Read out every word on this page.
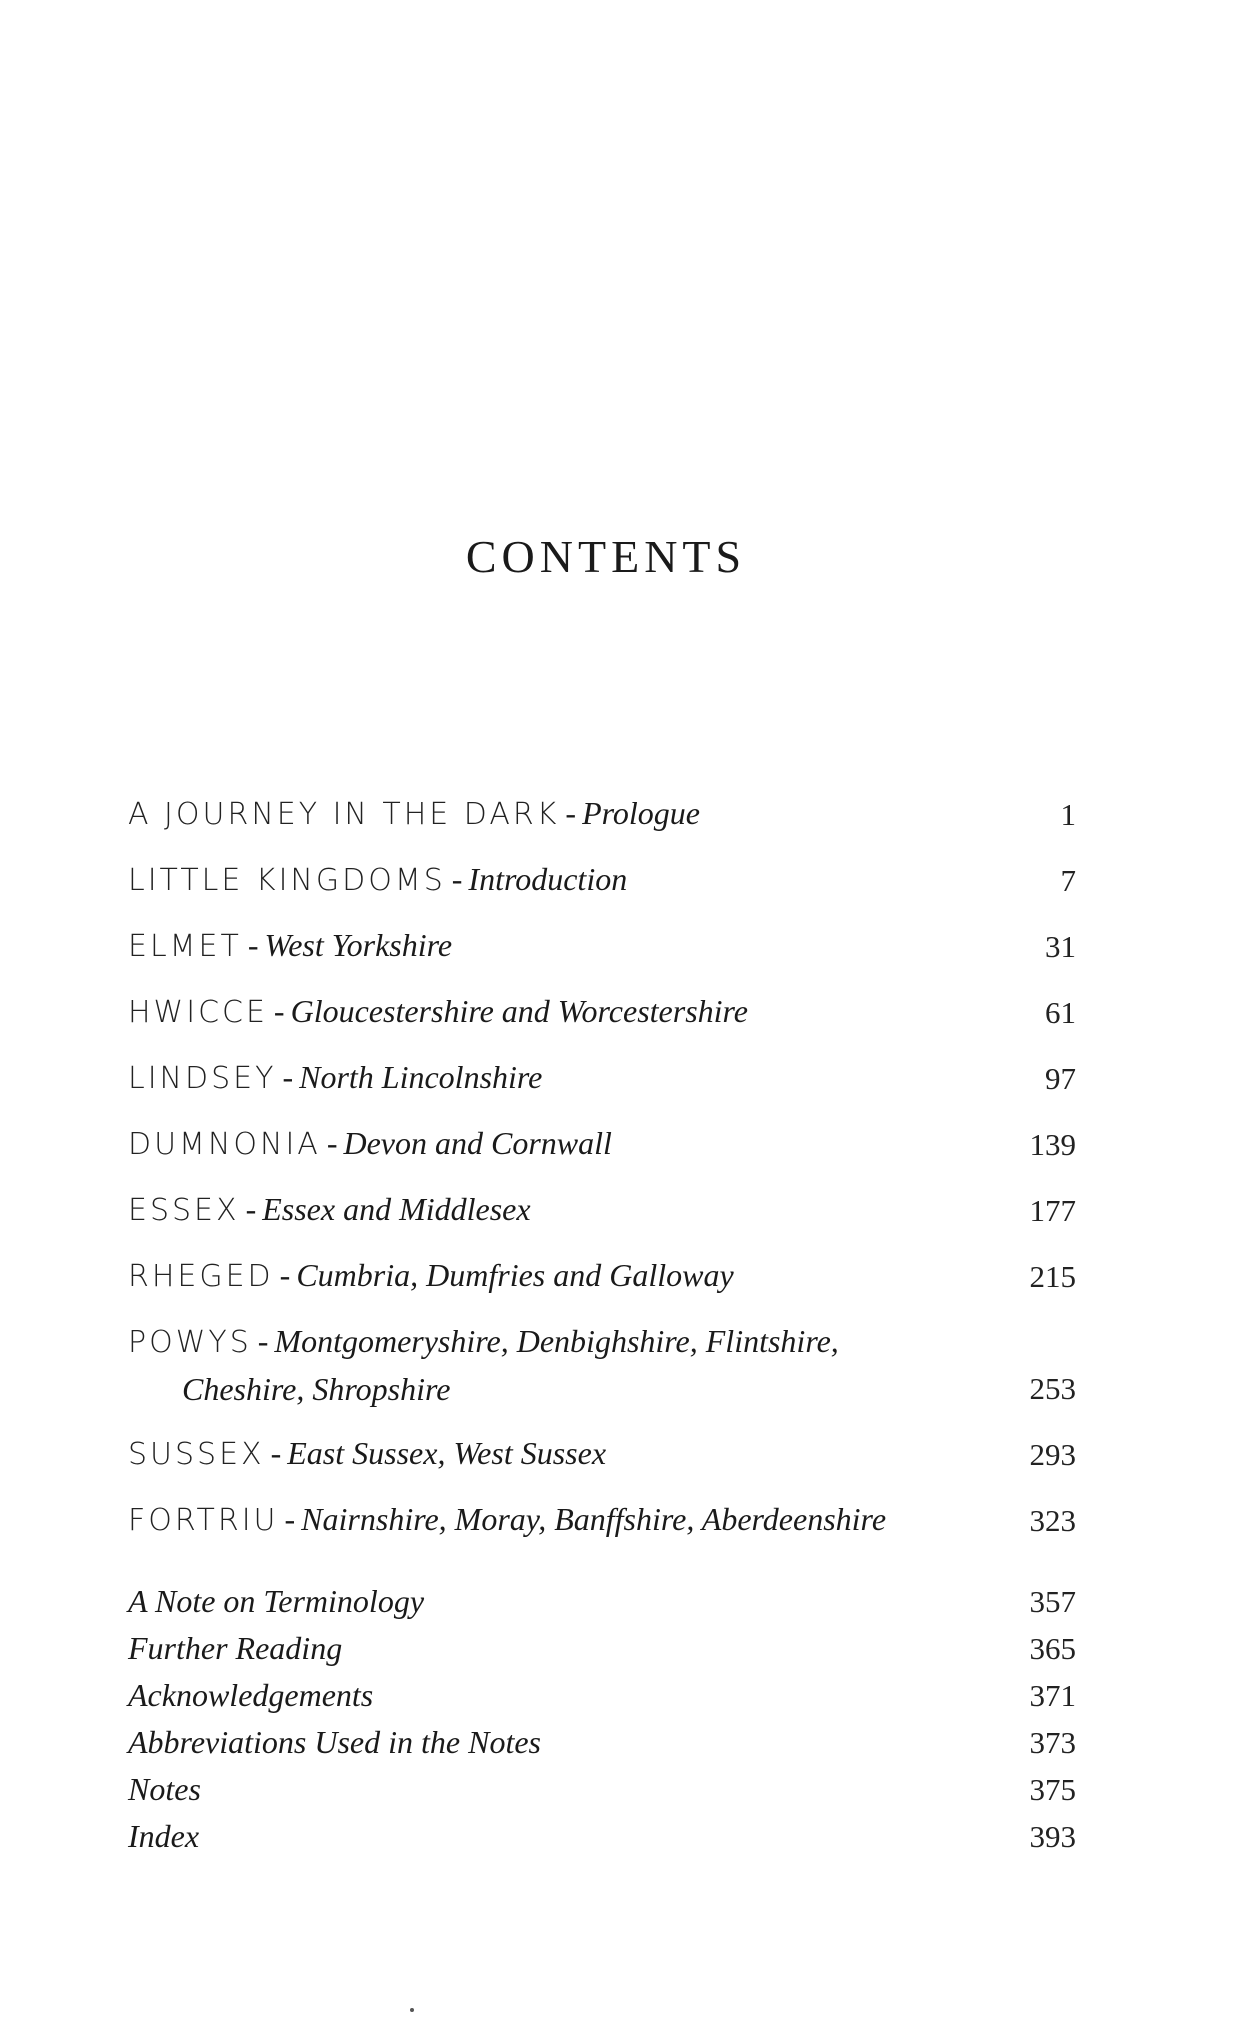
CONTENTS
A JOURNEY IN THE DARK - Prologue	1
LITTLE KINGDOMS - Introduction	7
ELMET - West Yorkshire	31
HWICCE - Gloucestershire and Worcestershire	61
LINDSEY - North Lincolnshire	97
DUMNONIA - Devon and Cornwall	139
ESSEX - Essex and Middlesex	177
RHEGED - Cumbria, Dumfries and Galloway	215
POWYS - Montgomeryshire, Denbighshire, Flintshire,
Cheshire, Shropshire	253
SUSSEX - East Sussex, West Sussex	293
FORTRIU - Nairnshire, Moray, Banffshire, Aberdeenshire	323
A Note on Terminology	357
Further Reading	365
Acknowledgements	371
Abbreviations Used in the Notes	373
Notes	375
Index	393
